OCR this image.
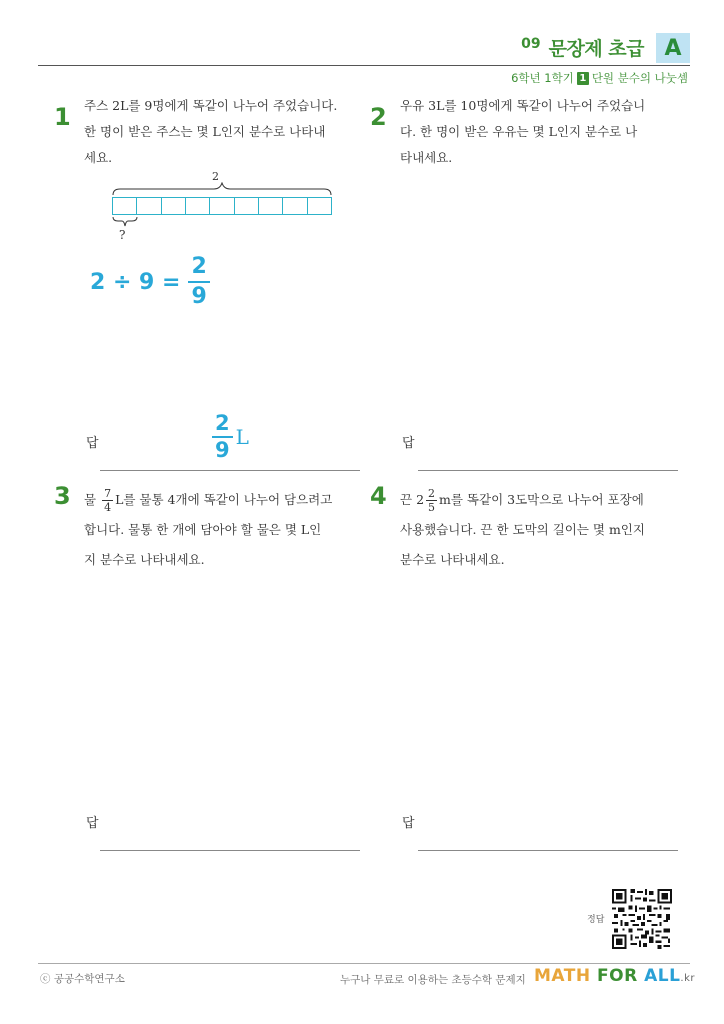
09 문장제 초급 A
6학년 1학기 1 단원 분수의 나눗셈
1 주스 2L를 9명에게 똑같이 나누어 주었습니다.

한 명이 받은 주스는 몇 L인지 분수로 나타내

세요.

2
?
$2 \div 9 = \frac{2}{9}$
답	$\frac{2}{9}$ L
2 우유 3L를 10명에게 똑같이 나누어 주었습니

다. 한 명이 받은 우유는 몇 L인지 분수로 나

타내세요.

답
3 물 $\frac{7}{4}$ L를 물통 4개에 똑같이 나누어 담으려고

합니다. 물통 한 개에 담아야 할 물은 몇 L인

지 분수로 나타내세요.

답
4 끈 $2 \frac{2}{5}$ m를 똑같이 3도막으로 나누어 포장에

사용했습니다. 끈 한 도막의 길이는 몇 m인지

분수로 나타내세요.

답
정답
ⓒ 공공수학연구소	누구나 무료로 이용하는 초등수학 문제지 MATH FOR ALL.kr
